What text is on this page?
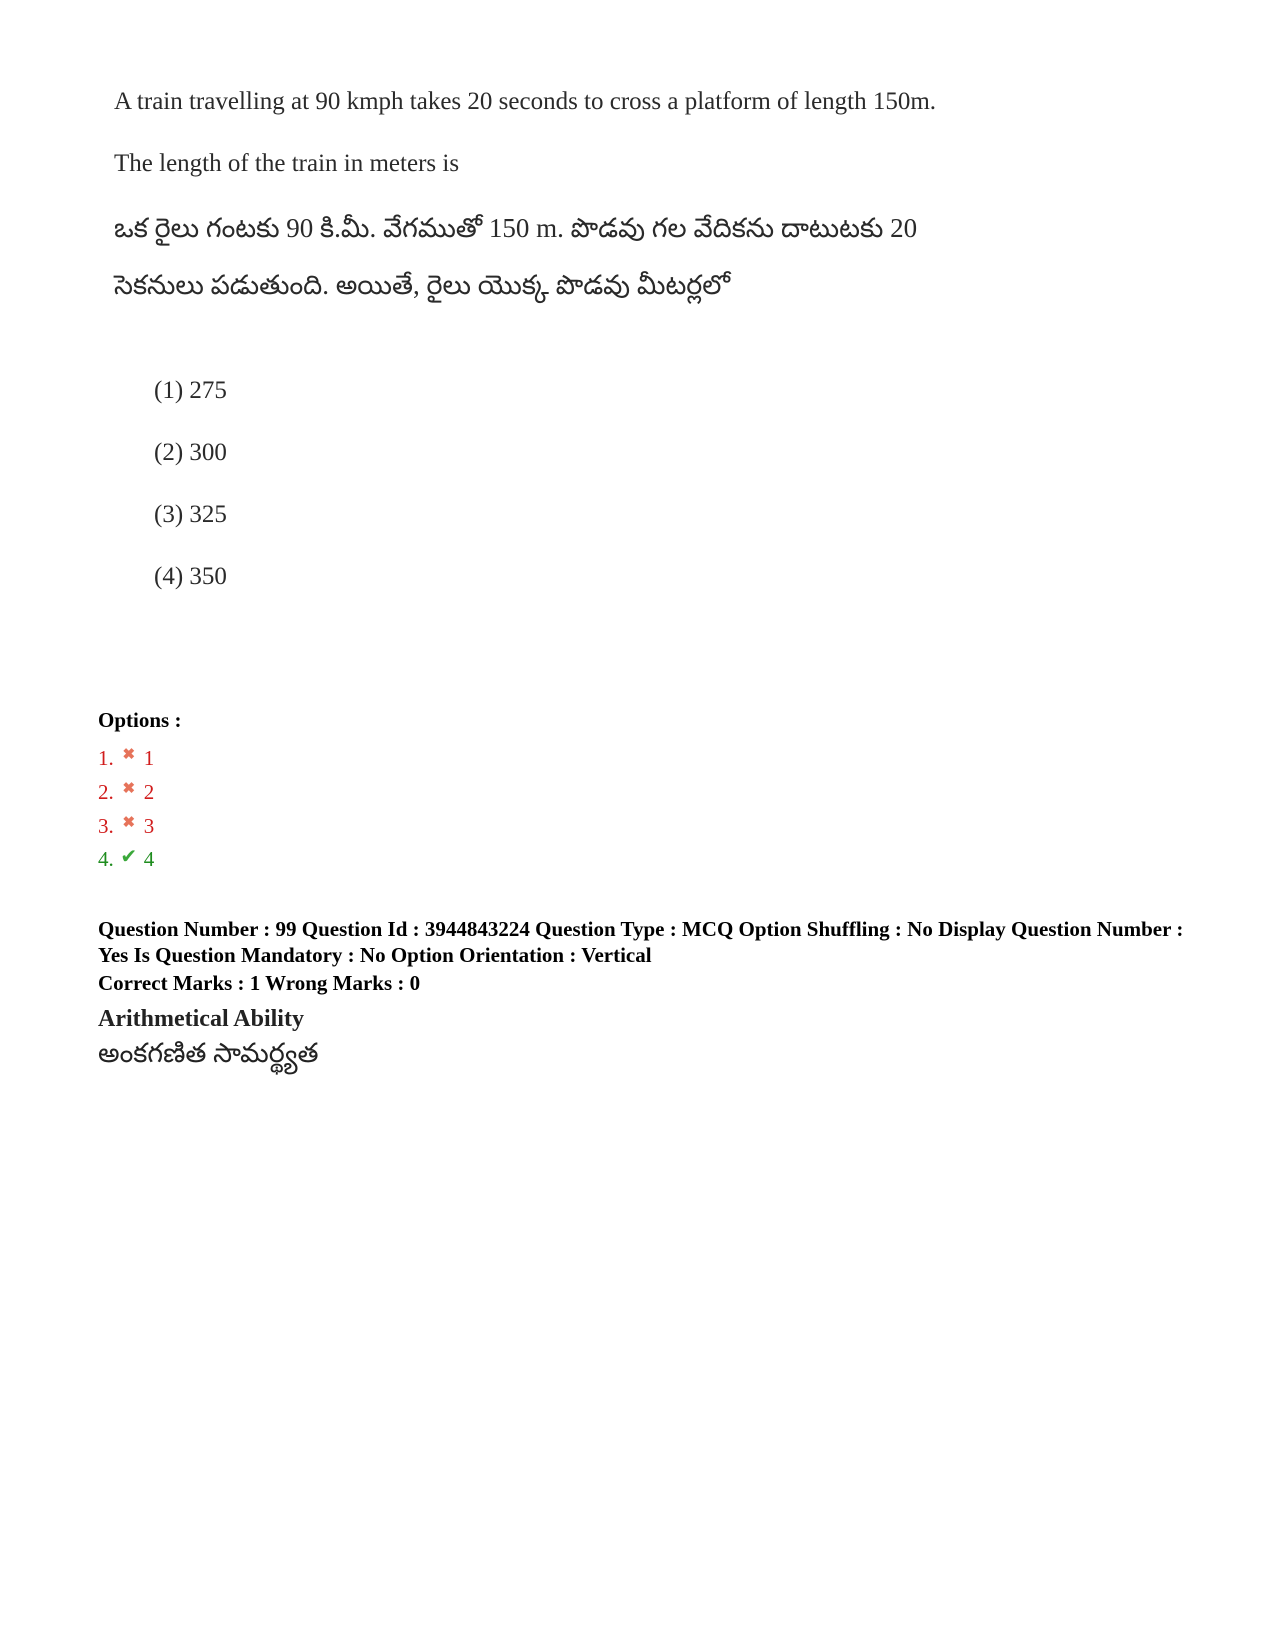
A train travelling at 90 kmph takes 20 seconds to cross a platform of length 150m.

The length of the train in meters is

ఒక రైలు గంటకు 90 కి.మీ. వేగముతో 150 m. పొడవు గల వేదికను దాటుటకు 20

సెకనులు పడుతుంది. అయితే, రైలు యొక్క పొడవు మీటర్లలో

(1) 275
(2) 300
(3) 325
(4) 350
Options :
1. ✖ 1
2. ✖ 2
3. ✖ 3
4. ✔ 4
Question Number : 99 Question Id : 3944843224 Question Type : MCQ Option Shuffling : No Display Question Number : Yes Is Question Mandatory : No Option Orientation : Vertical
Correct Marks : 1 Wrong Marks : 0
Arithmetical Ability
అంకగణిత సామర్థ్యత
